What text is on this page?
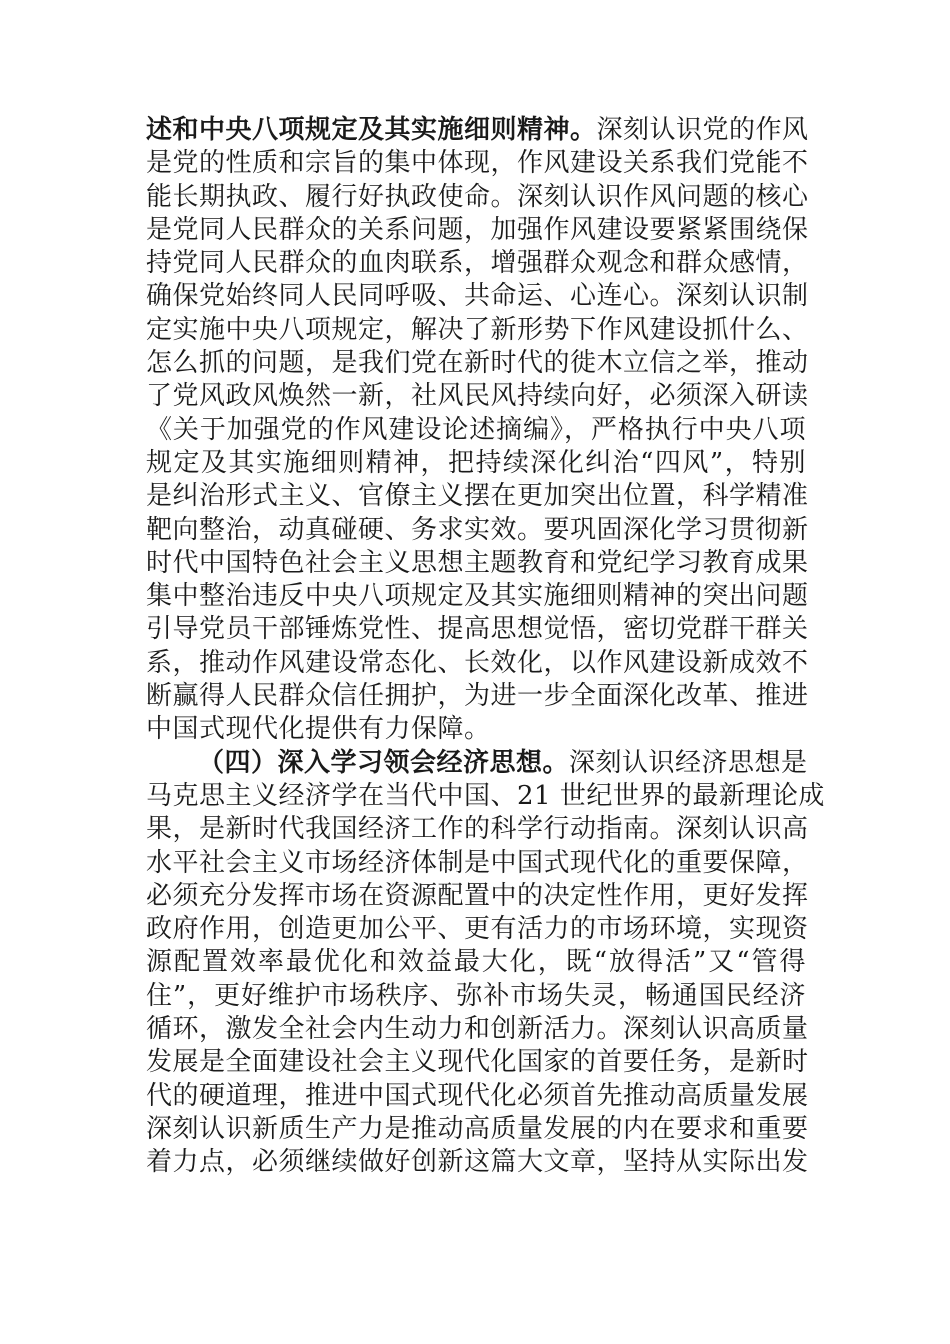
述和中央八项规定及其实施细则精神。深刻认识党的作风
是党的性质和宗旨的集中体现，作风建设关系我们党能不
能长期执政、履行好执政使命。深刻认识作风问题的核心
是党同人民群众的关系问题，加强作风建设要紧紧围绕保
持党同人民群众的血肉联系，增强群众观念和群众感情，
确保党始终同人民同呼吸、共命运、心连心。深刻认识制
定实施中央八项规定，解决了新形势下作风建设抓什么、
怎么抓的问题，是我们党在新时代的徙木立信之举，推动
了党风政风焕然一新，社风民风持续向好，必须深入研读
《关于加强党的作风建设论述摘编》，严格执行中央八项
规定及其实施细则精神，把持续深化纠治“四风”，特别
是纠治形式主义、官僚主义摆在更加突出位置，科学精准
靶向整治，动真碰硬、务求实效。要巩固深化学习贯彻新
时代中国特色社会主义思想主题教育和党纪学习教育成果
集中整治违反中央八项规定及其实施细则精神的突出问题
引导党员干部锤炼党性、提高思想觉悟，密切党群干群关
系，推动作风建设常态化、长效化，以作风建设新成效不
断赢得人民群众信任拥护，为进一步全面深化改革、推进
中国式现代化提供有力保障。
（四）深入学习领会经济思想。深刻认识经济思想是
马克思主义经济学在当代中国、21 世纪世界的最新理论成
果，是新时代我国经济工作的科学行动指南。深刻认识高
水平社会主义市场经济体制是中国式现代化的重要保障，
必须充分发挥市场在资源配置中的决定性作用，更好发挥
政府作用，创造更加公平、更有活力的市场环境，实现资
源配置效率最优化和效益最大化，既“放得活”又“管得
住”，更好维护市场秩序、弥补市场失灵，畅通国民经济
循环，激发全社会内生动力和创新活力。深刻认识高质量
发展是全面建设社会主义现代化国家的首要任务，是新时
代的硬道理，推进中国式现代化必须首先推动高质量发展
深刻认识新质生产力是推动高质量发展的内在要求和重要
着力点，必须继续做好创新这篇大文章，坚持从实际出发
